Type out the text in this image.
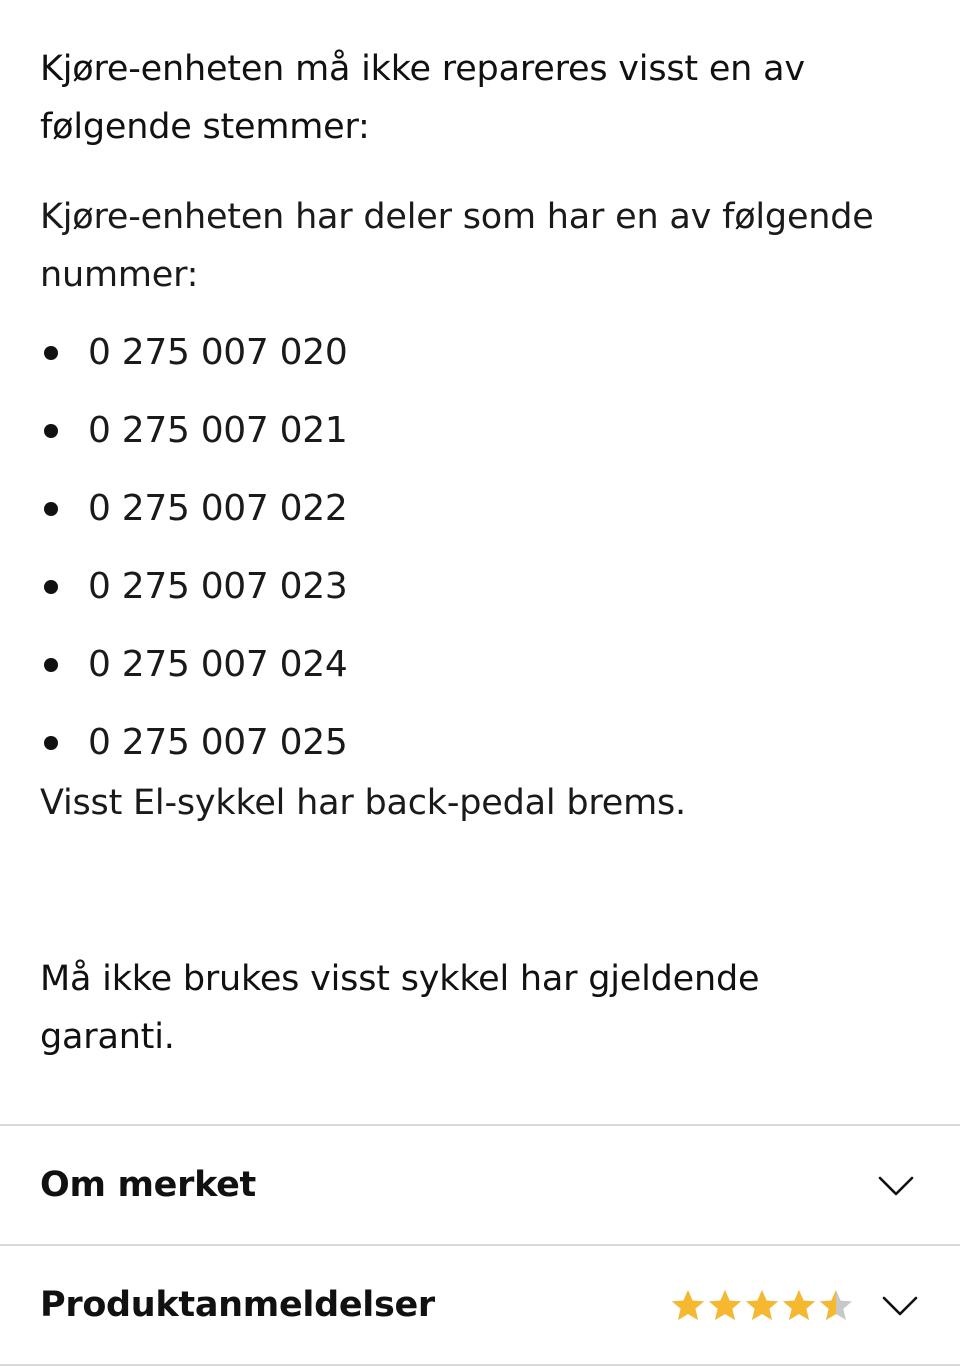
Kjøre-enheten må ikke repareres visst en av følgende stemmer:
Kjøre-enheten har deler som har en av følgende nummer:
0 275 007 020
0 275 007 021
0 275 007 022
0 275 007 023
0 275 007 024
0 275 007 025
Visst El-sykkel har back-pedal brems.
Må ikke brukes visst sykkel har gjeldende garanti.
Om merket
Produktanmeldelser
